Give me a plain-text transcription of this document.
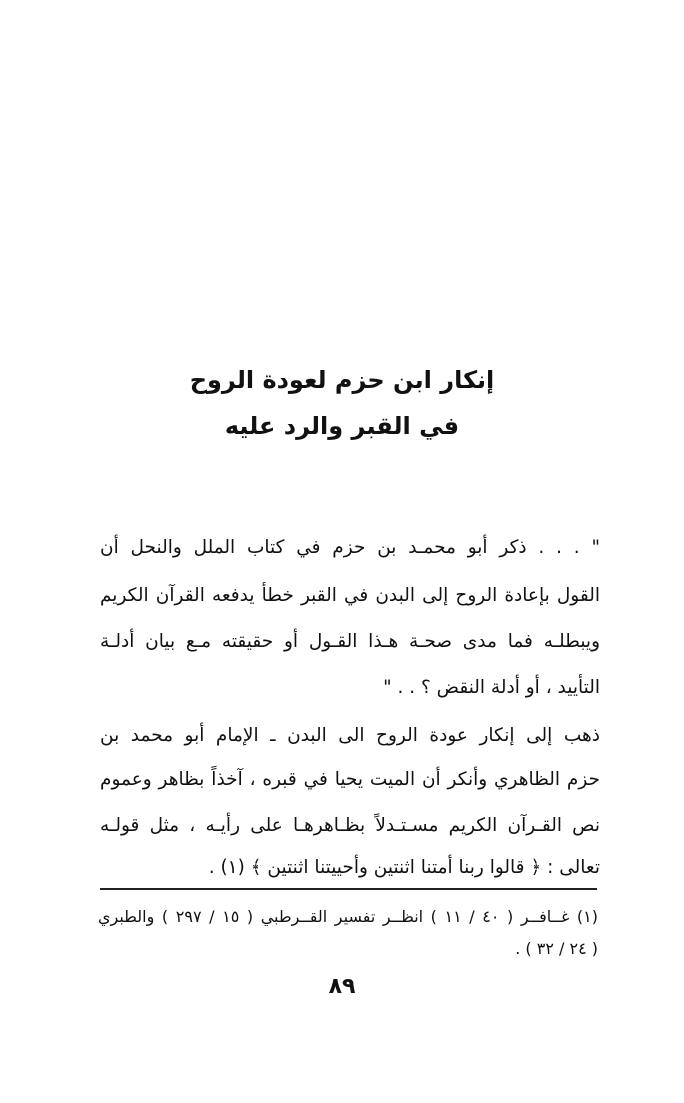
إنكار ابن حزم لعودة الروح
في القبر والرد عليه
" . . . ذكر أبو محمـد بن حزم في كتاب الملل والنحل أن
القول بإعادة الروح إلى البدن في القبر خطأ يدفعه القرآن الكريم
ويبطلـه فما مدى صحـة هـذا القـول أو حقيقته مـع بيان أدلـة
التأييد ، أو أدلة النقض ؟ . . "
ذهب إلى إنكار عودة الروح الى البدن ـ الإمام أبو محمد بن
حزم الظاهري وأنكر أن الميت يحيا في قبره ، آخذاً بظاهر وعموم
نص القـرآن الكريم مسـتـدلاً بظـاهرهـا على رأيـه ، مثل قولـه
تعالى : ﴿ قالوا ربنا أمتنا اثنتين وأحييتنا اثنتين ﴾ (١) .
(١) غــافــر ( ٤٠ / ١١ ) انظــر تفسير القــرطبي ( ١٥ / ٢٩٧ ) والطبري
( ٢٤ / ٣٢ ) .
٨٩
